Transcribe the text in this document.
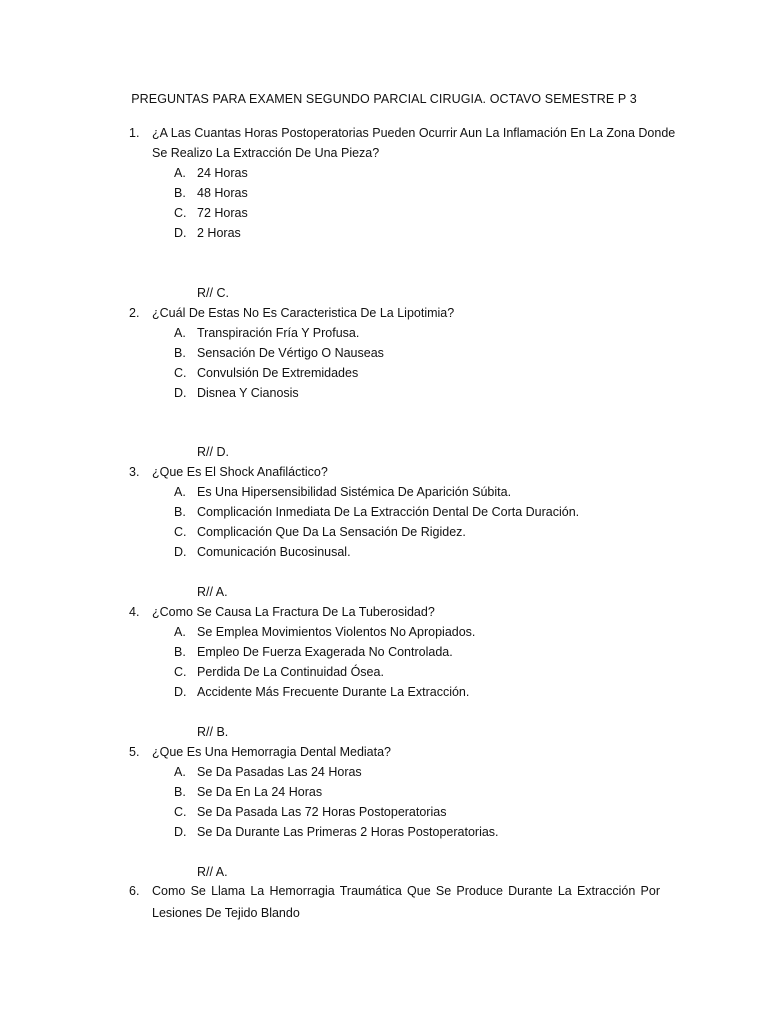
PREGUNTAS PARA EXAMEN SEGUNDO PARCIAL CIRUGIA. OCTAVO SEMESTRE P 3
1. ¿A Las Cuantas Horas Postoperatorias Pueden Ocurrir Aun La Inflamación En La Zona Donde
Se Realizo La Extracción De Una Pieza?
A. 24 Horas
B. 48 Horas
C. 72 Horas
D. 2 Horas
R// C.
2. ¿Cuál De Estas No Es Caracteristica De La Lipotimia?
A. Transpiración Fría Y Profusa.
B. Sensación De Vértigo O Nauseas
C. Convulsión De Extremidades
D. Disnea Y Cianosis
R// D.
3. ¿Que Es El Shock Anafiláctico?
A. Es Una Hipersensibilidad Sistémica De Aparición Súbita.
B. Complicación Inmediata De La Extracción Dental De Corta Duración.
C. Complicación Que Da La Sensación De Rigidez.
D. Comunicación Bucosinusal.
R// A.
4. ¿Como Se Causa La Fractura De La Tuberosidad?
A. Se Emplea Movimientos Violentos No Apropiados.
B. Empleo De Fuerza Exagerada No Controlada.
C. Perdida De La Continuidad Ósea.
D. Accidente Más Frecuente Durante La Extracción.
R// B.
5. ¿Que Es Una Hemorragia Dental Mediata?
A. Se Da Pasadas Las 24 Horas
B. Se Da En La 24 Horas
C. Se Da Pasada Las 72 Horas Postoperatorias
D. Se Da Durante Las Primeras 2 Horas Postoperatorias.
R// A.
6. Como Se Llama La Hemorragia Traumática Que Se Produce Durante La Extracción Por
Lesiones De Tejido Blando
